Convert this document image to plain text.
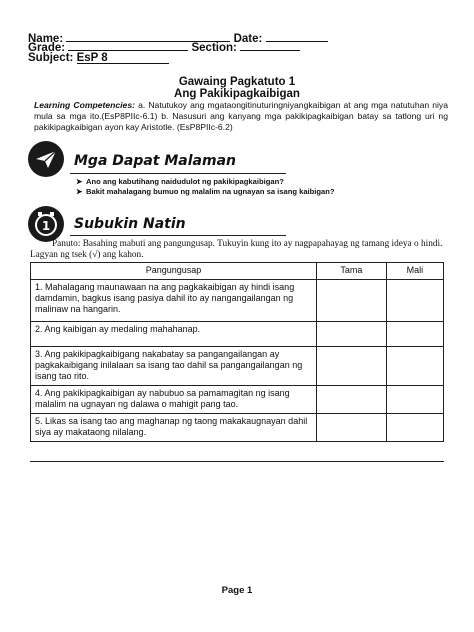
Name:	Date:
Grade:	Section:
Subject: EsP 8
Gawaing Pagkatuto 1
Ang Pakikipagkaibigan
Learning Competencies: a. Natutukoy ang mgataongitinuturingniyangkaibigan at ang mga natutuhan niya mula sa mga ito.(EsP8PIIc-6.1) b. Nasusuri ang kanyang mga pakikipagkaibigan batay sa tatlong uri ng pakikipagkaibigan ayon kay Aristotle. (EsP8PIIc-6.2)
Mga Dapat Malaman
➤ Ano ang kabutihang naidudulot ng pakikipagkaibigan?
➤ Bakit mahalagang bumuo ng malalim na ugnayan sa isang kaibigan?
1 Subukin Natin
Panuto: Basahing mabuti ang pangungusap. Tukuyin kung ito ay nagpapahayag ng tamang ideya o hindi. Lagyan ng tsek (√) ang kahon.
Pangungusap	Tama	Mali
1. Mahalagang maunawaan na ang pagkakaibigan ay hindi isang damdamin, bagkus isang pasiya dahil ito ay nangangailangan ng malinaw na hangarin.		
2. Ang kaibigan ay medaling mahahanap.		
3. Ang pakikipagkaibigang nakabatay sa pangangailangan ay pagkakaibigang inilalaan sa isang tao dahil sa pangangailangan ng isang tao rito.		
4. Ang pakikipagkaibigan ay nabubuo sa pamamagitan ng isang malalim na ugnayan ng dalawa o mahigit pang tao.		
5. Likas sa isang tao ang maghanap ng taong makakaugnayan dahil siya ay makataong nilalang.		
Page 1
